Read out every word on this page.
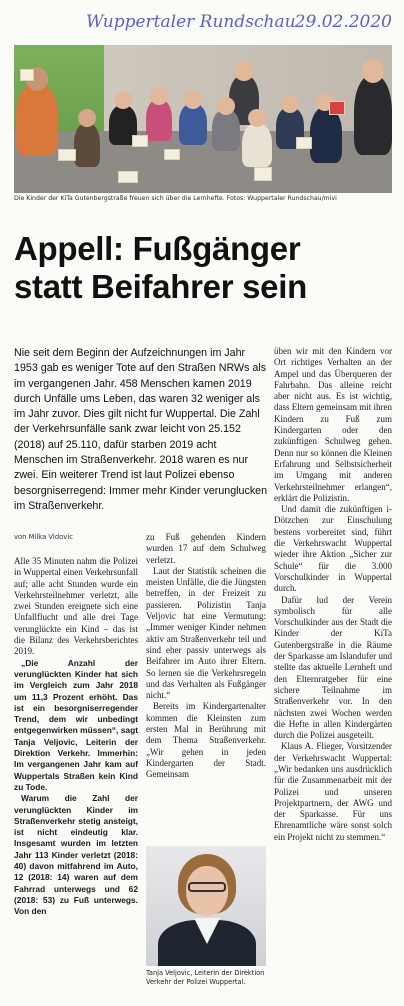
Wuppertaler Rundschau 29.02.2020
Die Kinder der KiTa Gutenbergstraße freuen sich über die Lernhefte. Fotos: Wuppertaler Rundschau/mivi
Appell: Fußgänger
statt Beifahrer sein
Nie seit dem Beginn der Aufzeichnungen im Jahr 1953 gab es weniger Tote auf den Straßen NRWs als im vergangenen Jahr. 458 Menschen kamen 2019 durch Unfälle ums Leben, das waren 32 weniger als im Jahr zuvor. Dies gilt nicht fur Wuppertal. Die Zahl der Verkehrsunfälle sank zwar leicht von 25.152 (2018) auf 25.110, dafür starben 2019 acht Menschen im Straßenverkehr. 2018 waren es nur zwei. Ein weiterer Trend ist laut Polizei ebenso besorgniserregend: Immer mehr Kinder verunglucken im Straßenverkehr.
von Milka Vidovic

Alle 35 Minuten nahm die Polizei in Wuppertal einen Verkehrsunfall auf; alle acht Stunden wurde ein Verkehrsteilnehmer verletzt, alle zwei Stunden ereignete sich eine Unfallflucht und alle drei Tage verunglückte ein Kind – das ist die Bilanz des Verkehrsberichtes 2019.

„Die Anzahl der verunglückten Kinder hat sich im Vergleich zum Jahr 2018 um 11,3 Prozent erhöht. Das ist ein besorgniserregender Trend, dem wir unbedingt entgegenwirken müssen“, sagt Tanja Veljovic, Leiterin der Direktion Verkehr. Immerhin: Im vergangenen Jahr kam auf Wuppertals Straßen kein Kind zu Tode.

Warum die Zahl der verunglückten Kinder im Straßenverkehr stetig ansteigt, ist nicht eindeutig klar. Insgesamt wurden im letzten Jahr 113 Kinder verletzt (2018: 40) davon mitfahrend im Auto, 12 (2018: 14) waren auf dem Fahrrad unterwegs und 62 (2018: 53) zu Fuß unterwegs. Von den

zu Fuß gehenden Kindern wurden 17 auf dem Schulweg verletzt.

Laut der Statistik scheinen die meisten Unfälle, die die Jüngsten betreffen, in der Freizeit zu passieren. Polizistin Tanja Veljovic hat eine Vermutung: „Immer weniger Kinder nehmen aktiv am Straßenverkehr teil und sind eher passiv unterwegs als Beifahrer im Auto ihrer Eltern. So lernen sie die Verkehrsregeln und das Verhalten als Fußgänger nicht.“

Bereits im Kindergartenalter kommen die Kleinsten zum ersten Mal in Berührung mit dem Thema Straßenverkehr. „Wir gehen in jeden Kindergarten der Stadt. Gemeinsam

üben wir mit den Kindern vor Ort richtiges Verhalten an der Ampel und das Überqueren der Fahrbahn. Das alleine reicht aber nicht aus. Es ist wichtig, dass Eltern gemeinsam mit ihren Kindern zu Fuß zum Kindergarten oder den zukünftigen Schulweg gehen. Denn nur so können die Kleinen Erfahrung und Selbstsicherheit im Umgang mit anderen Verkehrsteilnehmer erlangen“, erklärt die Polizistin.

Und damit die zukünftigen i-Dötzchen zur Einschulung bestens vorbereitet sind, führt die Verkehrswacht Wuppertal wieder ihre Aktion „Sicher zur Schule“ für die 3.000 Vorschulkinder in Wuppertal durch.

Dafür lud der Verein symbolisch für alle Vorschulkinder aus der Stadt die Kinder der KiTa Gutenbergstraße in die Räume der Sparkasse am Islandufer und stellte das aktuelle Lernheft und den Elternratgeber für eine sichere Teilnahme im Straßenverkehr vor. In den nächsten zwei Wochen werden die Hefte in allen Kindergärten durch die Polizei ausgeteilt.

Klaus A. Flieger, Vorsitzender der Verkehrswacht Wuppertal: „Wir bedanken uns ausdrücklich für die Zusammenarbeit mit der Polizei und unseren Projektpartnern, der AWG und der Sparkasse. Für uns Ehrenamtliche wäre sonst solch ein Projekt nicht zu stemmen.“

Tanja Veljovic, Leiterin der Direktion Verkehr der Polizei Wuppertal.
